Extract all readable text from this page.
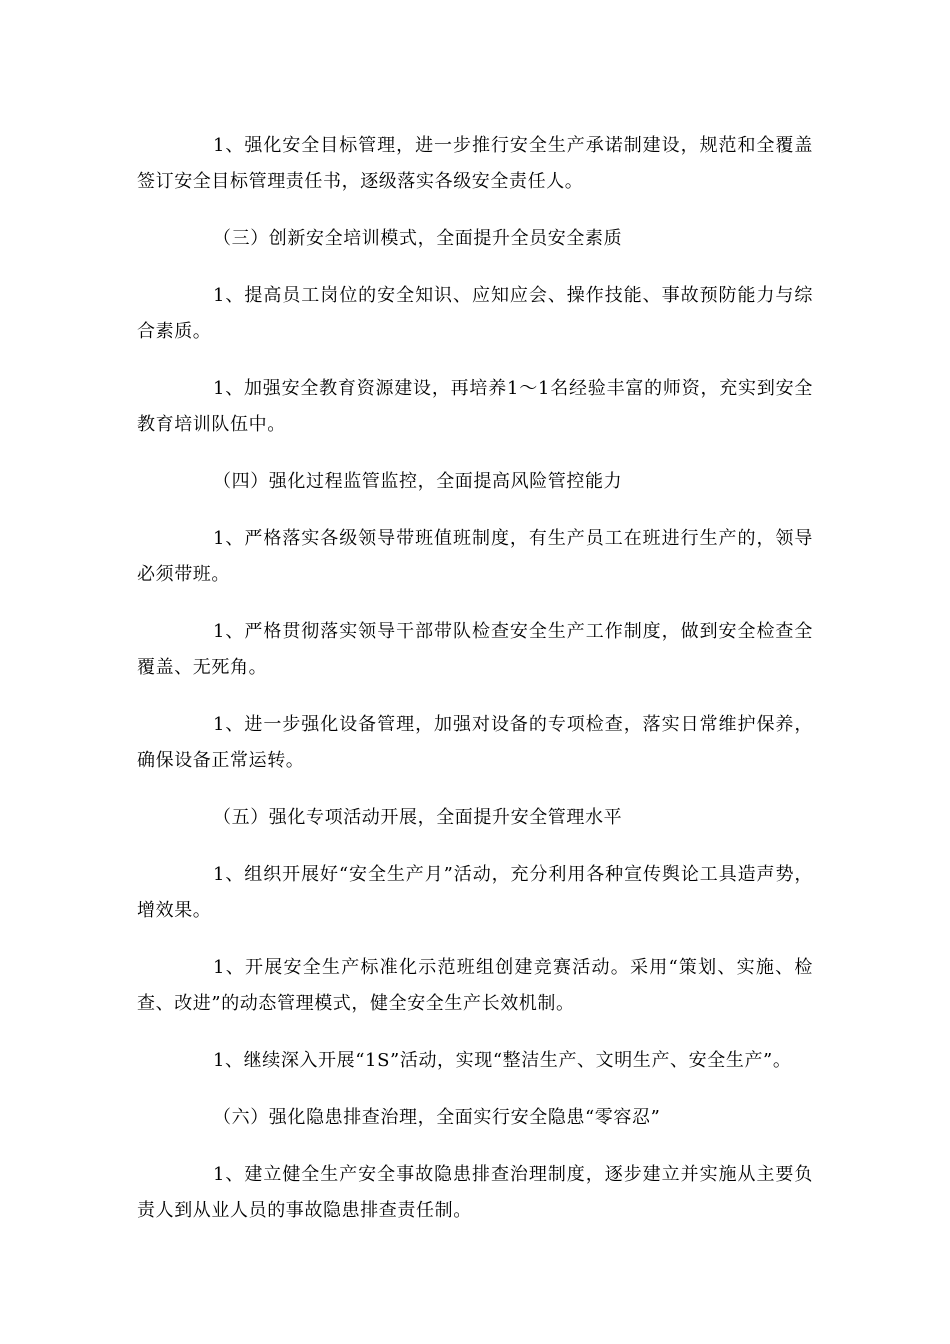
1、强化安全目标管理，进一步推行安全生产承诺制建设，规范和全覆盖签订安全目标管理责任书，逐级落实各级安全责任人。

（三）创新安全培训模式，全面提升全员安全素质

1、提高员工岗位的安全知识、应知应会、操作技能、事故预防能力与综合素质。

1、加强安全教育资源建设，再培养1～1名经验丰富的师资，充实到安全教育培训队伍中。

（四）强化过程监管监控，全面提高风险管控能力

1、严格落实各级领导带班值班制度，有生产员工在班进行生产的，领导必须带班。

1、严格贯彻落实领导干部带队检查安全生产工作制度，做到安全检查全覆盖、无死角。

1、进一步强化设备管理，加强对设备的专项检查，落实日常维护保养，确保设备正常运转。

（五）强化专项活动开展，全面提升安全管理水平

1、组织开展好“安全生产月”活动，充分利用各种宣传舆论工具造声势，增效果。

1、开展安全生产标准化示范班组创建竞赛活动。采用“策划、实施、检查、改进”的动态管理模式，健全安全生产长效机制。

1、继续深入开展“1S”活动，实现“整洁生产、文明生产、安全生产”。

（六）强化隐患排查治理，全面实行安全隐患“零容忍”

1、建立健全生产安全事故隐患排查治理制度，逐步建立并实施从主要负责人到从业人员的事故隐患排查责任制。
